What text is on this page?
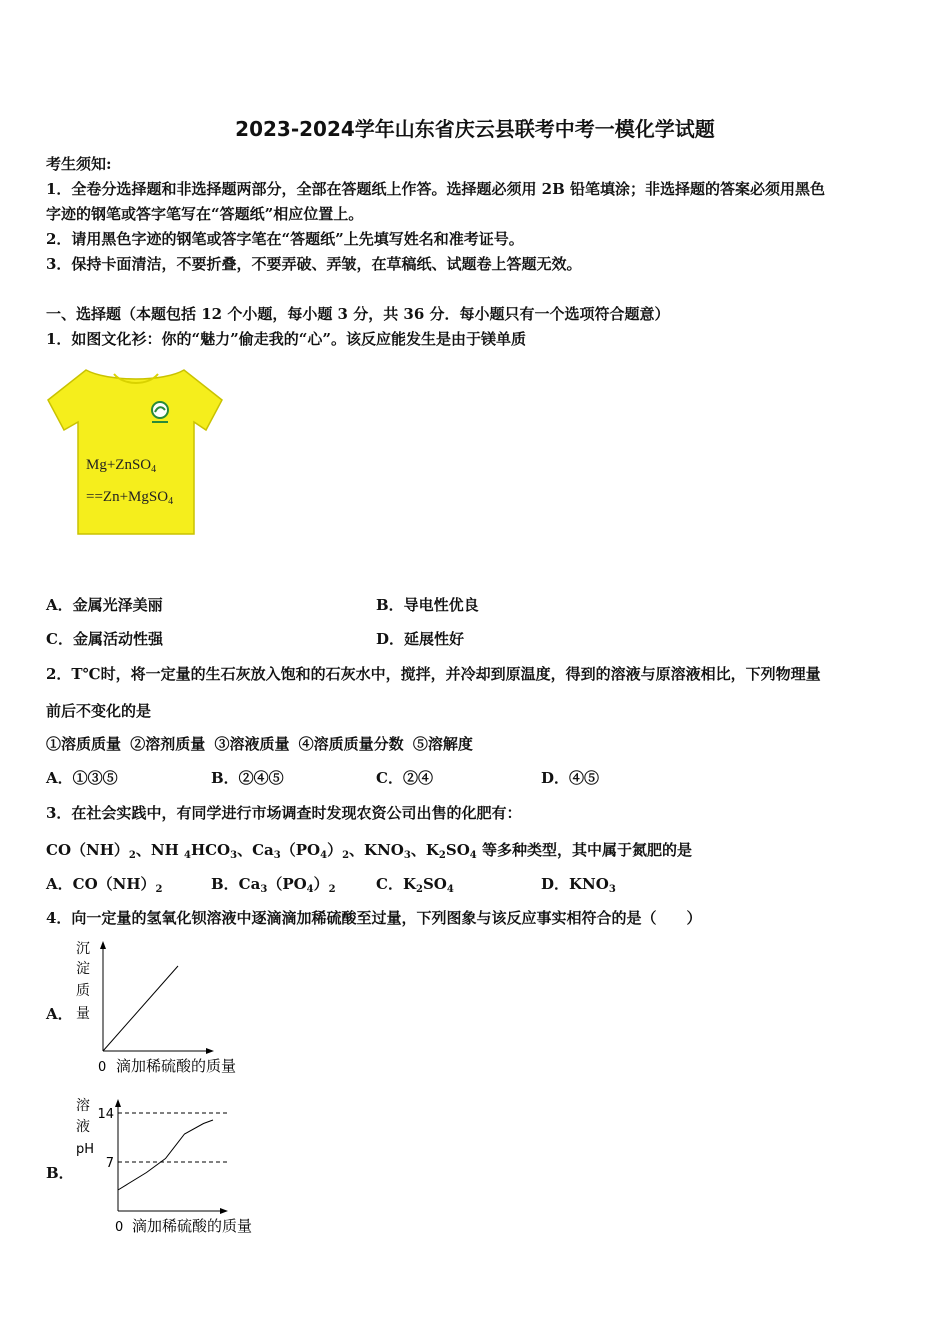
2023-2024学年山东省庆云县联考中考一模化学试题
考生须知:
1．全卷分选择题和非选择题两部分，全部在答题纸上作答。选择题必须用 2B 铅笔填涂；非选择题的答案必须用黑色
字迹的钢笔或答字笔写在“答题纸”相应位置上。
2．请用黑色字迹的钢笔或答字笔在“答题纸”上先填写姓名和准考证号。
3．保持卡面清洁，不要折叠，不要弄破、弄皱，在草稿纸、试题卷上答题无效。
一、选择题（本题包括 12 个小题，每小题 3 分，共 36 分．每小题只有一个选项符合题意）
1．如图文化衫：你的“魅力”偷走我的“心”。该反应能发生是由于镁单质
Mg+ZnSO$_4$
==Zn+MgSO$_4$
A．金属光泽美丽	B．导电性优良
C．金属活动性强	D．延展性好
2．T℃时，将一定量的生石灰放入饱和的石灰水中，搅拌，并冷却到原温度，得到的溶液与原溶液相比，下列物理量
前后不变化的是
①溶质质量 ②溶剂质量 ③溶液质量 ④溶质质量分数 ⑤溶解度
A．①③⑤	B．②④⑤	C．②④	D．④⑤
3．在社会实践中，有同学进行市场调查时发现农资公司出售的化肥有：
$CO(NH)_2$、NH $_4HCO_3$、$Ca_3(PO_4)_2$、$KNO_3$、$K_2SO_4$ 等多种类型，其中属于氮肥的是
A．$CO(NH)_2$	B．$Ca_3(PO_4)_2$	C．$K_2SO_4$	D．$KNO_3$
4．向一定量的氢氧化钡溶液中逐滴滴加稀硫酸至过量，下列图象与该反应事实相符合的是（　　）
A．
沉
淀
质
量
0 滴加稀硫酸的质量
B．
溶
液
pH
7
14
0 滴加稀硫酸的质量
